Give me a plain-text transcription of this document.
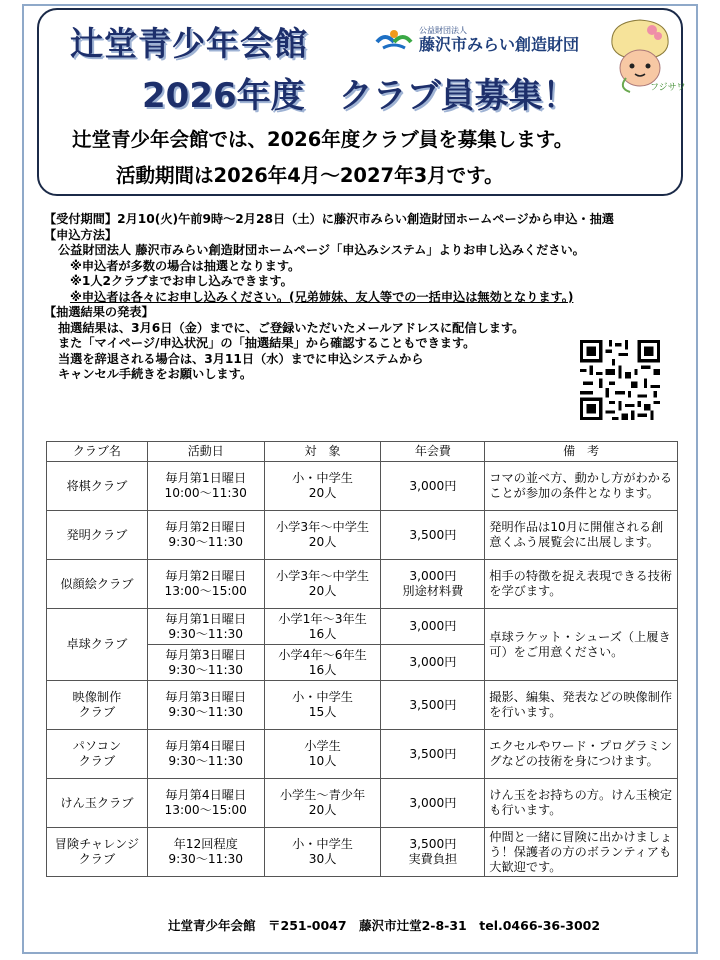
辻堂青少年会館
2026年度　クラブ員募集！
公益財団法人
藤沢市みらい創造財団
フジサワ
辻堂青少年会館では、2026年度クラブ員を募集します。
活動期間は2026年4月～2027年3月です。
【受付期間】2月10(火)午前9時～2月28日（土）に藤沢市みらい創造財団ホームページから申込・抽選
【申込方法】
公益財団法人 藤沢市みらい創造財団ホームページ「申込みシステム」よりお申し込みください。
※申込者が多数の場合は抽選となります。
※1人2クラブまでお申し込みできます。
※申込者は各々にお申し込みください。(兄弟姉妹、友人等での一括申込は無効となります。)
【抽選結果の発表】
抽選結果は、3月6日（金）までに、ご登録いただいたメールアドレスに配信します。
また「マイページ/申込状況」の「抽選結果」から確認することもできます。
当選を辞退される場合は、3月11日（水）までに申込システムから
キャンセル手続きをお願いします。
クラブ名	活動日	対　象	年会費	備　考
将棋クラブ	毎月第1日曜日
10:00～11:30	小・中学生
20人	3,000円	コマの並べ方、動かし方がわかることが参加の条件となります。
発明クラブ	毎月第2日曜日
9:30～11:30	小学3年～中学生
20人	3,500円	発明作品は10月に開催される創意くふう展覧会に出展します。
似顔絵クラブ	毎月第2日曜日
13:00～15:00	小学3年～中学生
20人	3,000円
別途材料費	相手の特徴を捉え表現できる技術を学びます。
卓球クラブ	毎月第1日曜日
9:30～11:30	小学1年～3年生
16人	3,000円	卓球ラケット・シューズ（上履き可）をご用意ください。
	毎月第3日曜日
9:30～11:30	小学4年～6年生
16人	3,000円	
映像制作
クラブ	毎月第3日曜日
9:30～11:30	小・中学生
15人	3,500円	撮影、編集、発表などの映像制作を行います。
パソコン
クラブ	毎月第4日曜日
9:30～11:30	小学生
10人	3,500円	エクセルやワード・プログラミングなどの技術を身につけます。
けん玉クラブ	毎月第4日曜日
13:00～15:00	小学生～青少年
20人	3,000円	けん玉をお持ちの方。けん玉検定も行います。
冒険チャレンジ
クラブ	年12回程度
9:30～11:30	小・中学生
30人	3,500円
実費負担	仲間と一緒に冒険に出かけましょう！保護者の方のボランティアも大歓迎です。
辻堂青少年会館　〒251-0047　藤沢市辻堂2-8-31　tel.0466-36-3002
